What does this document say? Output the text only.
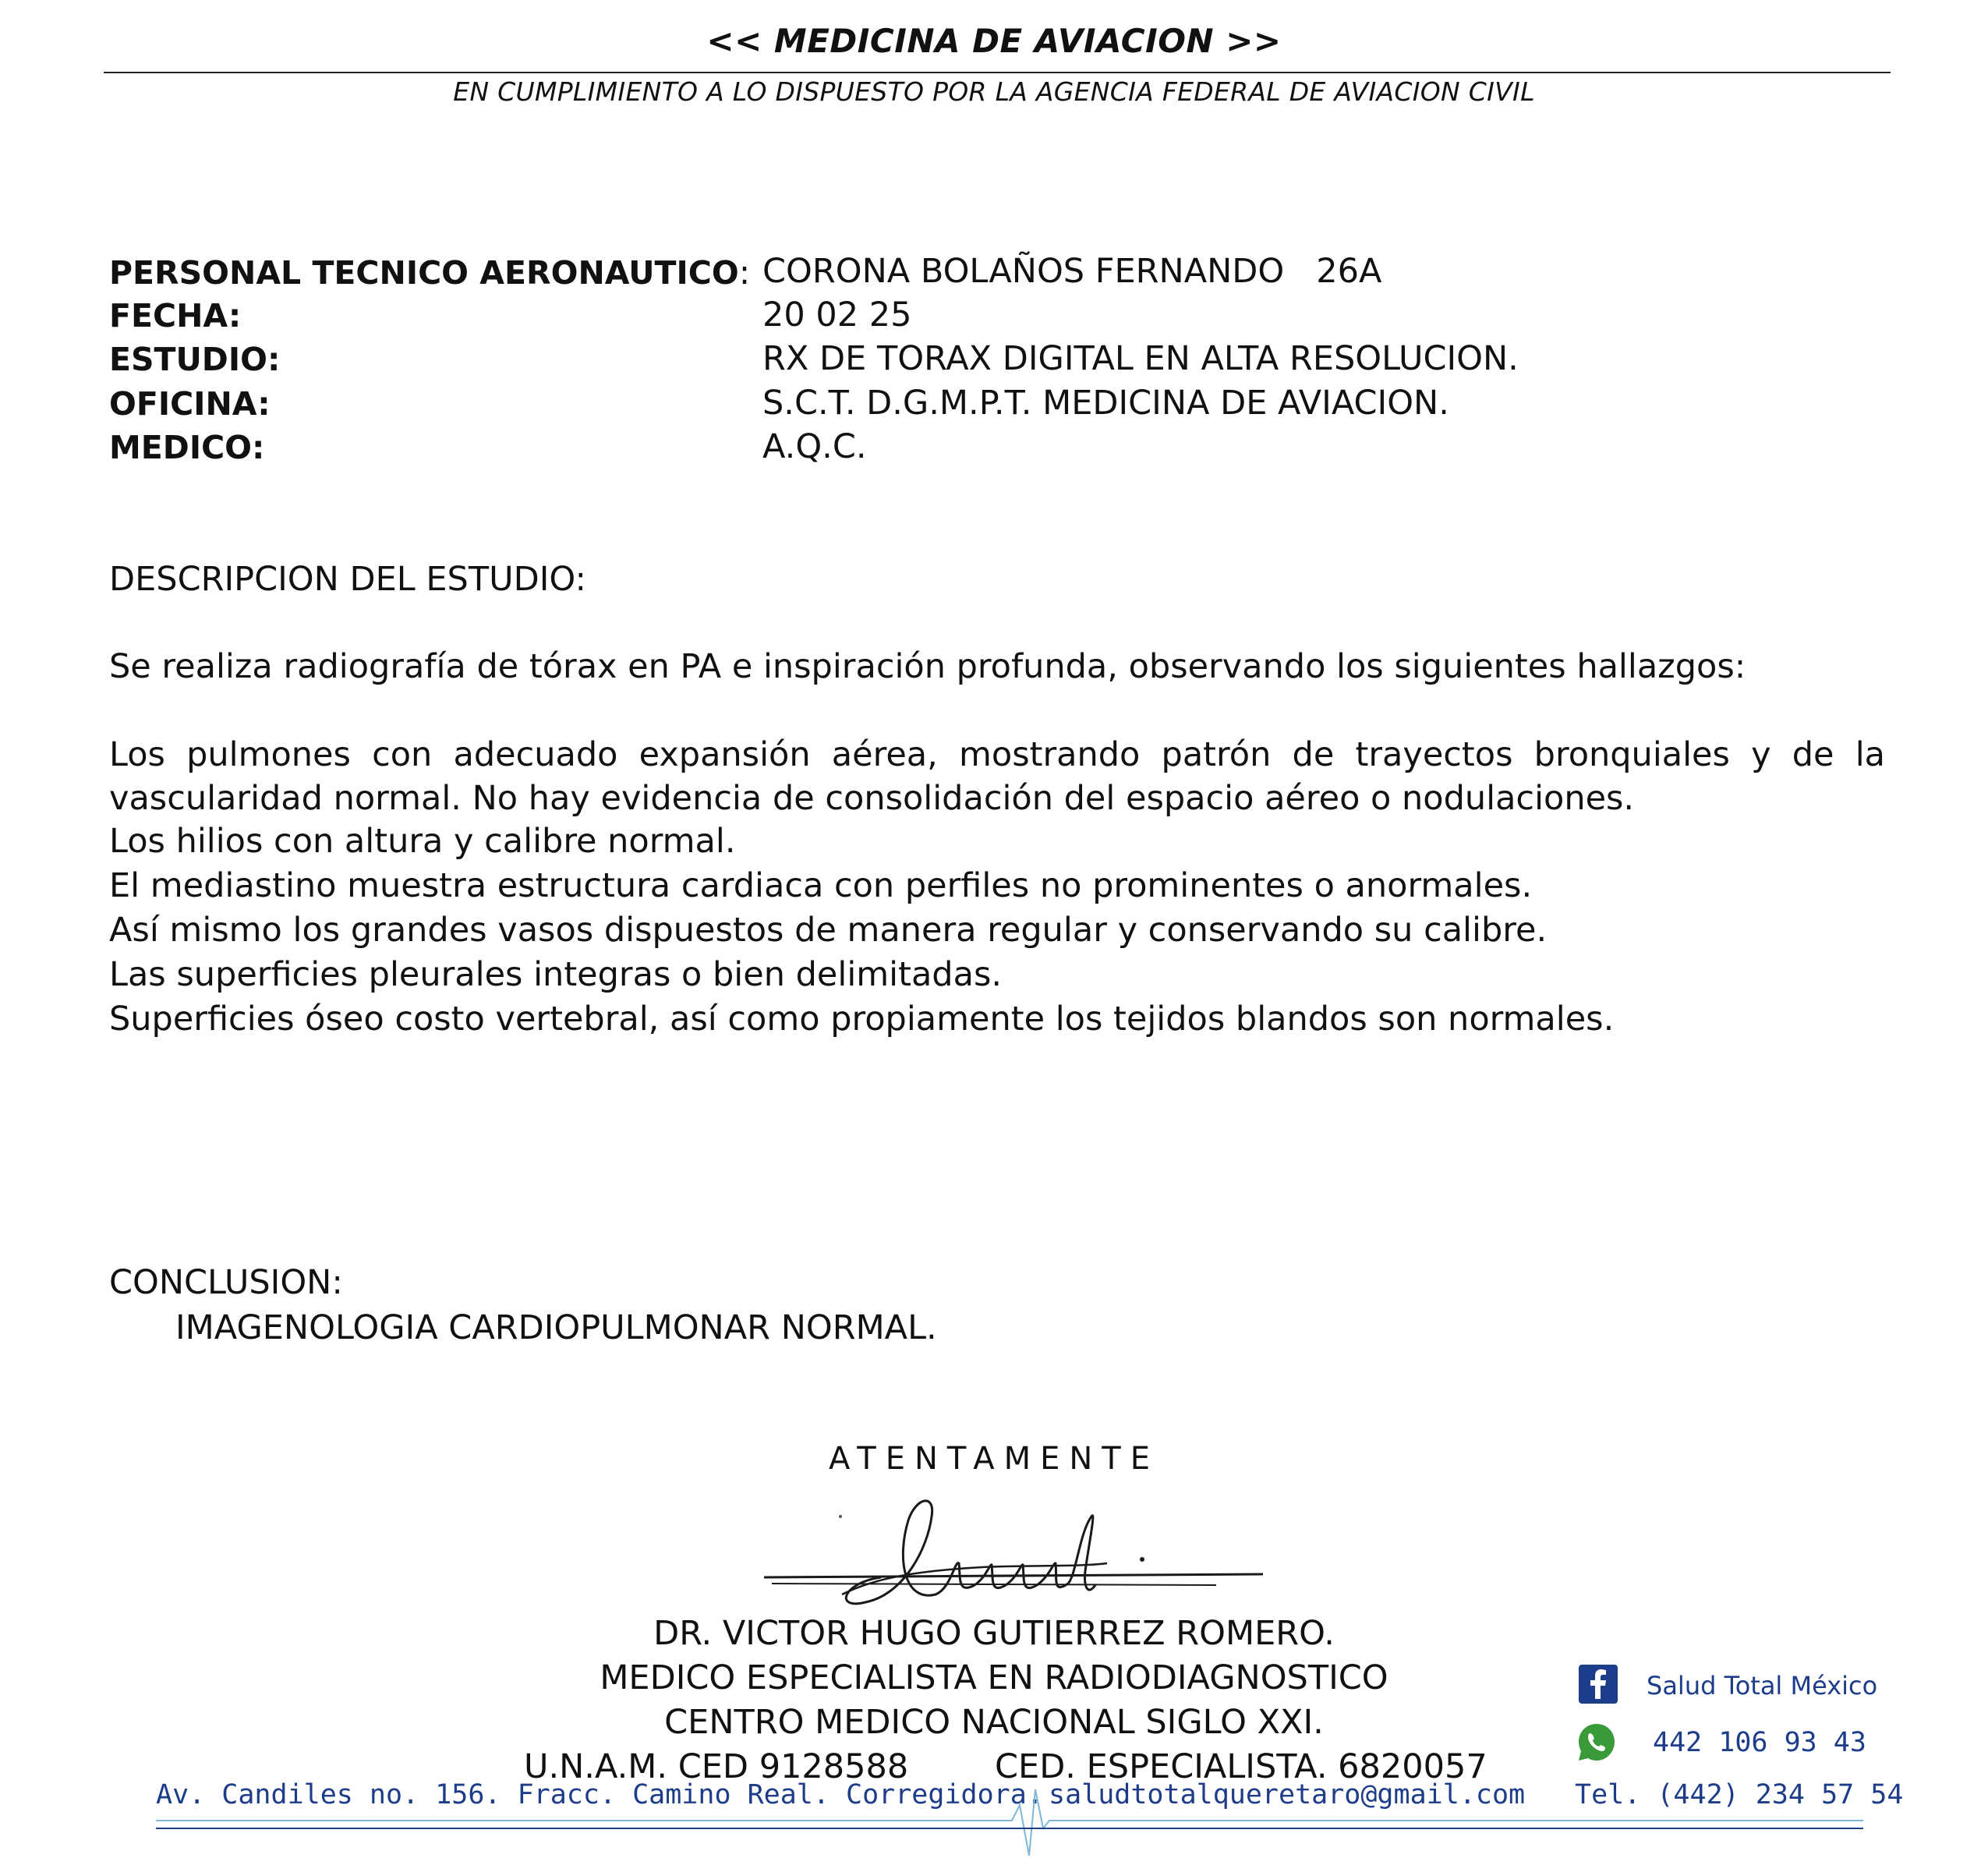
<< MEDICINA DE AVIACION >>
EN CUMPLIMIENTO A LO DISPUESTO POR LA AGENCIA FEDERAL DE AVIACION CIVIL
PERSONAL TECNICO AERONAUTICO: CORONA BOLAÑOS FERNANDO   26A
FECHA:	20 02 25
ESTUDIO:	RX DE TORAX DIGITAL EN ALTA RESOLUCION.
OFICINA:	S.C.T. D.G.M.P.T. MEDICINA DE AVIACION.
MEDICO:	A.Q.C.
DESCRIPCION DEL ESTUDIO:
Se realiza radiografía de tórax en PA e inspiración profunda, observando los siguientes hallazgos:
Los pulmones con adecuado expansión aérea, mostrando patrón de trayectos bronquiales y de la vascularidad normal. No hay evidencia de consolidación del espacio aéreo o nodulaciones.
Los hilios con altura y calibre normal.
El mediastino muestra estructura cardiaca con perfiles no prominentes o anormales.
Así mismo los grandes vasos dispuestos de manera regular y conservando su calibre.
Las superficies pleurales integras o bien delimitadas.
Superficies óseo costo vertebral, así como propiamente los tejidos blandos son normales.
CONCLUSION:
IMAGENOLOGIA CARDIOPULMONAR NORMAL.
ATENTAMENTE
DR. VICTOR HUGO GUTIERREZ ROMERO.
MEDICO ESPECIALISTA EN RADIODIAGNOSTICO
CENTRO MEDICO NACIONAL SIGLO XXI.
U.N.A.M. CED 9128588	CED. ESPECIALISTA. 6820057
Salud Total México
442 106 93 43
Av. Candiles no. 156. Fracc. Camino Real. Corregidora. saludtotalqueretaro@gmail.com Tel. (442) 234 57 54
